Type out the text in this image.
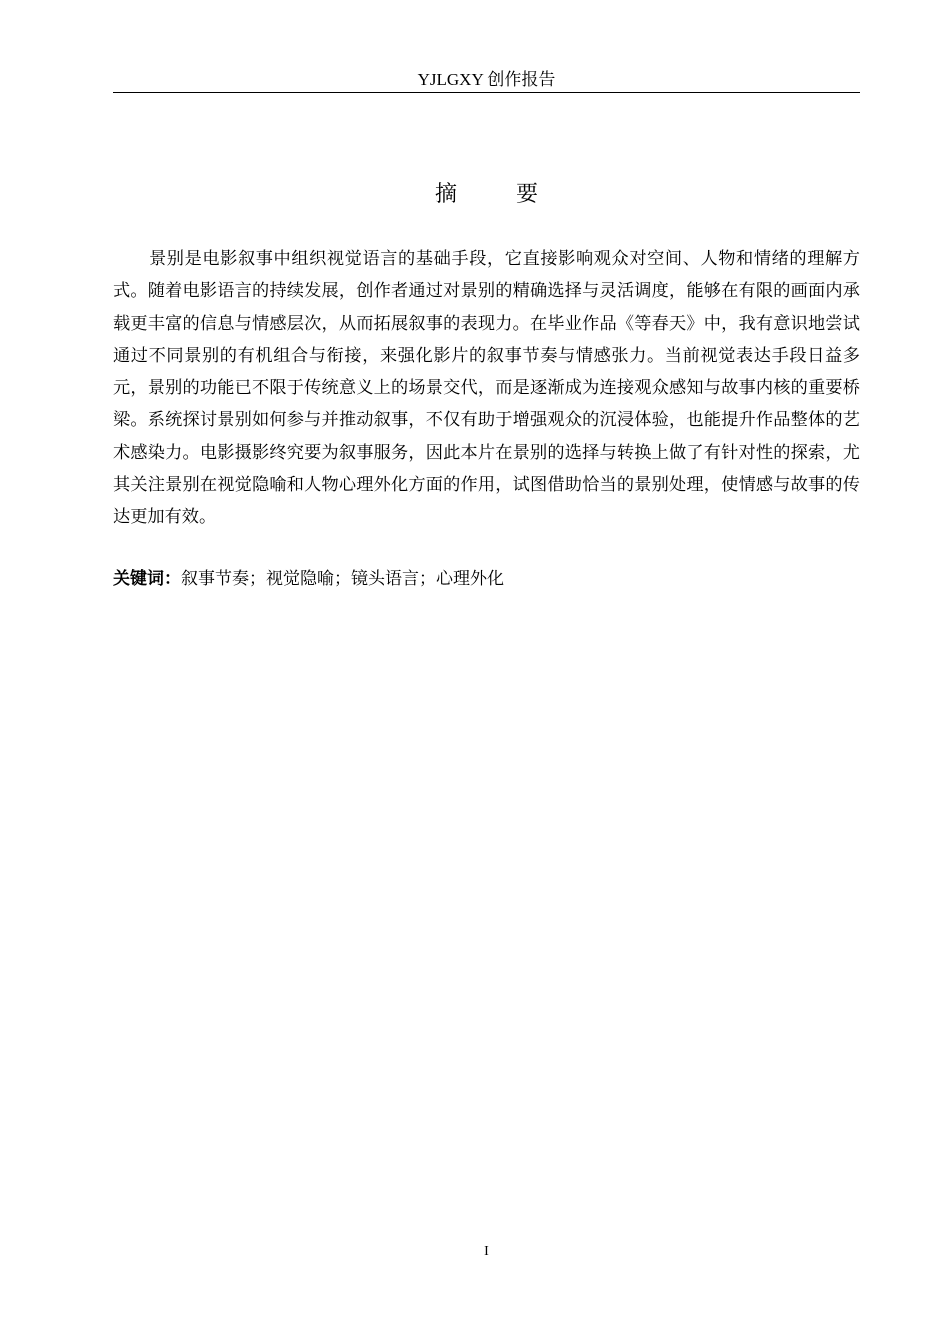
YJLGXY 创作报告
摘 要

景别是电影叙事中组织视觉语言的基础手段，它直接影响观众对空间、人物和情绪的理解方式。随着电影语言的持续发展，创作者通过对景别的精确选择与灵活调度，能够在有限的画面内承载更丰富的信息与情感层次，从而拓展叙事的表现力。在毕业作品《等春天》中，我有意识地尝试通过不同景别的有机组合与衔接，来强化影片的叙事节奏与情感张力。当前视觉表达手段日益多元，景别的功能已不限于传统意义上的场景交代，而是逐渐成为连接观众感知与故事内核的重要桥梁。系统探讨景别如何参与并推动叙事，不仅有助于增强观众的沉浸体验，也能提升作品整体的艺术感染力。电影摄影终究要为叙事服务，因此本片在景别的选择与转换上做了有针对性的探索，尤其关注景别在视觉隐喻和人物心理外化方面的作用，试图借助恰当的景别处理，使情感与故事的传达更加有效。

关键词：叙事节奏；视觉隐喻；镜头语言；心理外化
I
